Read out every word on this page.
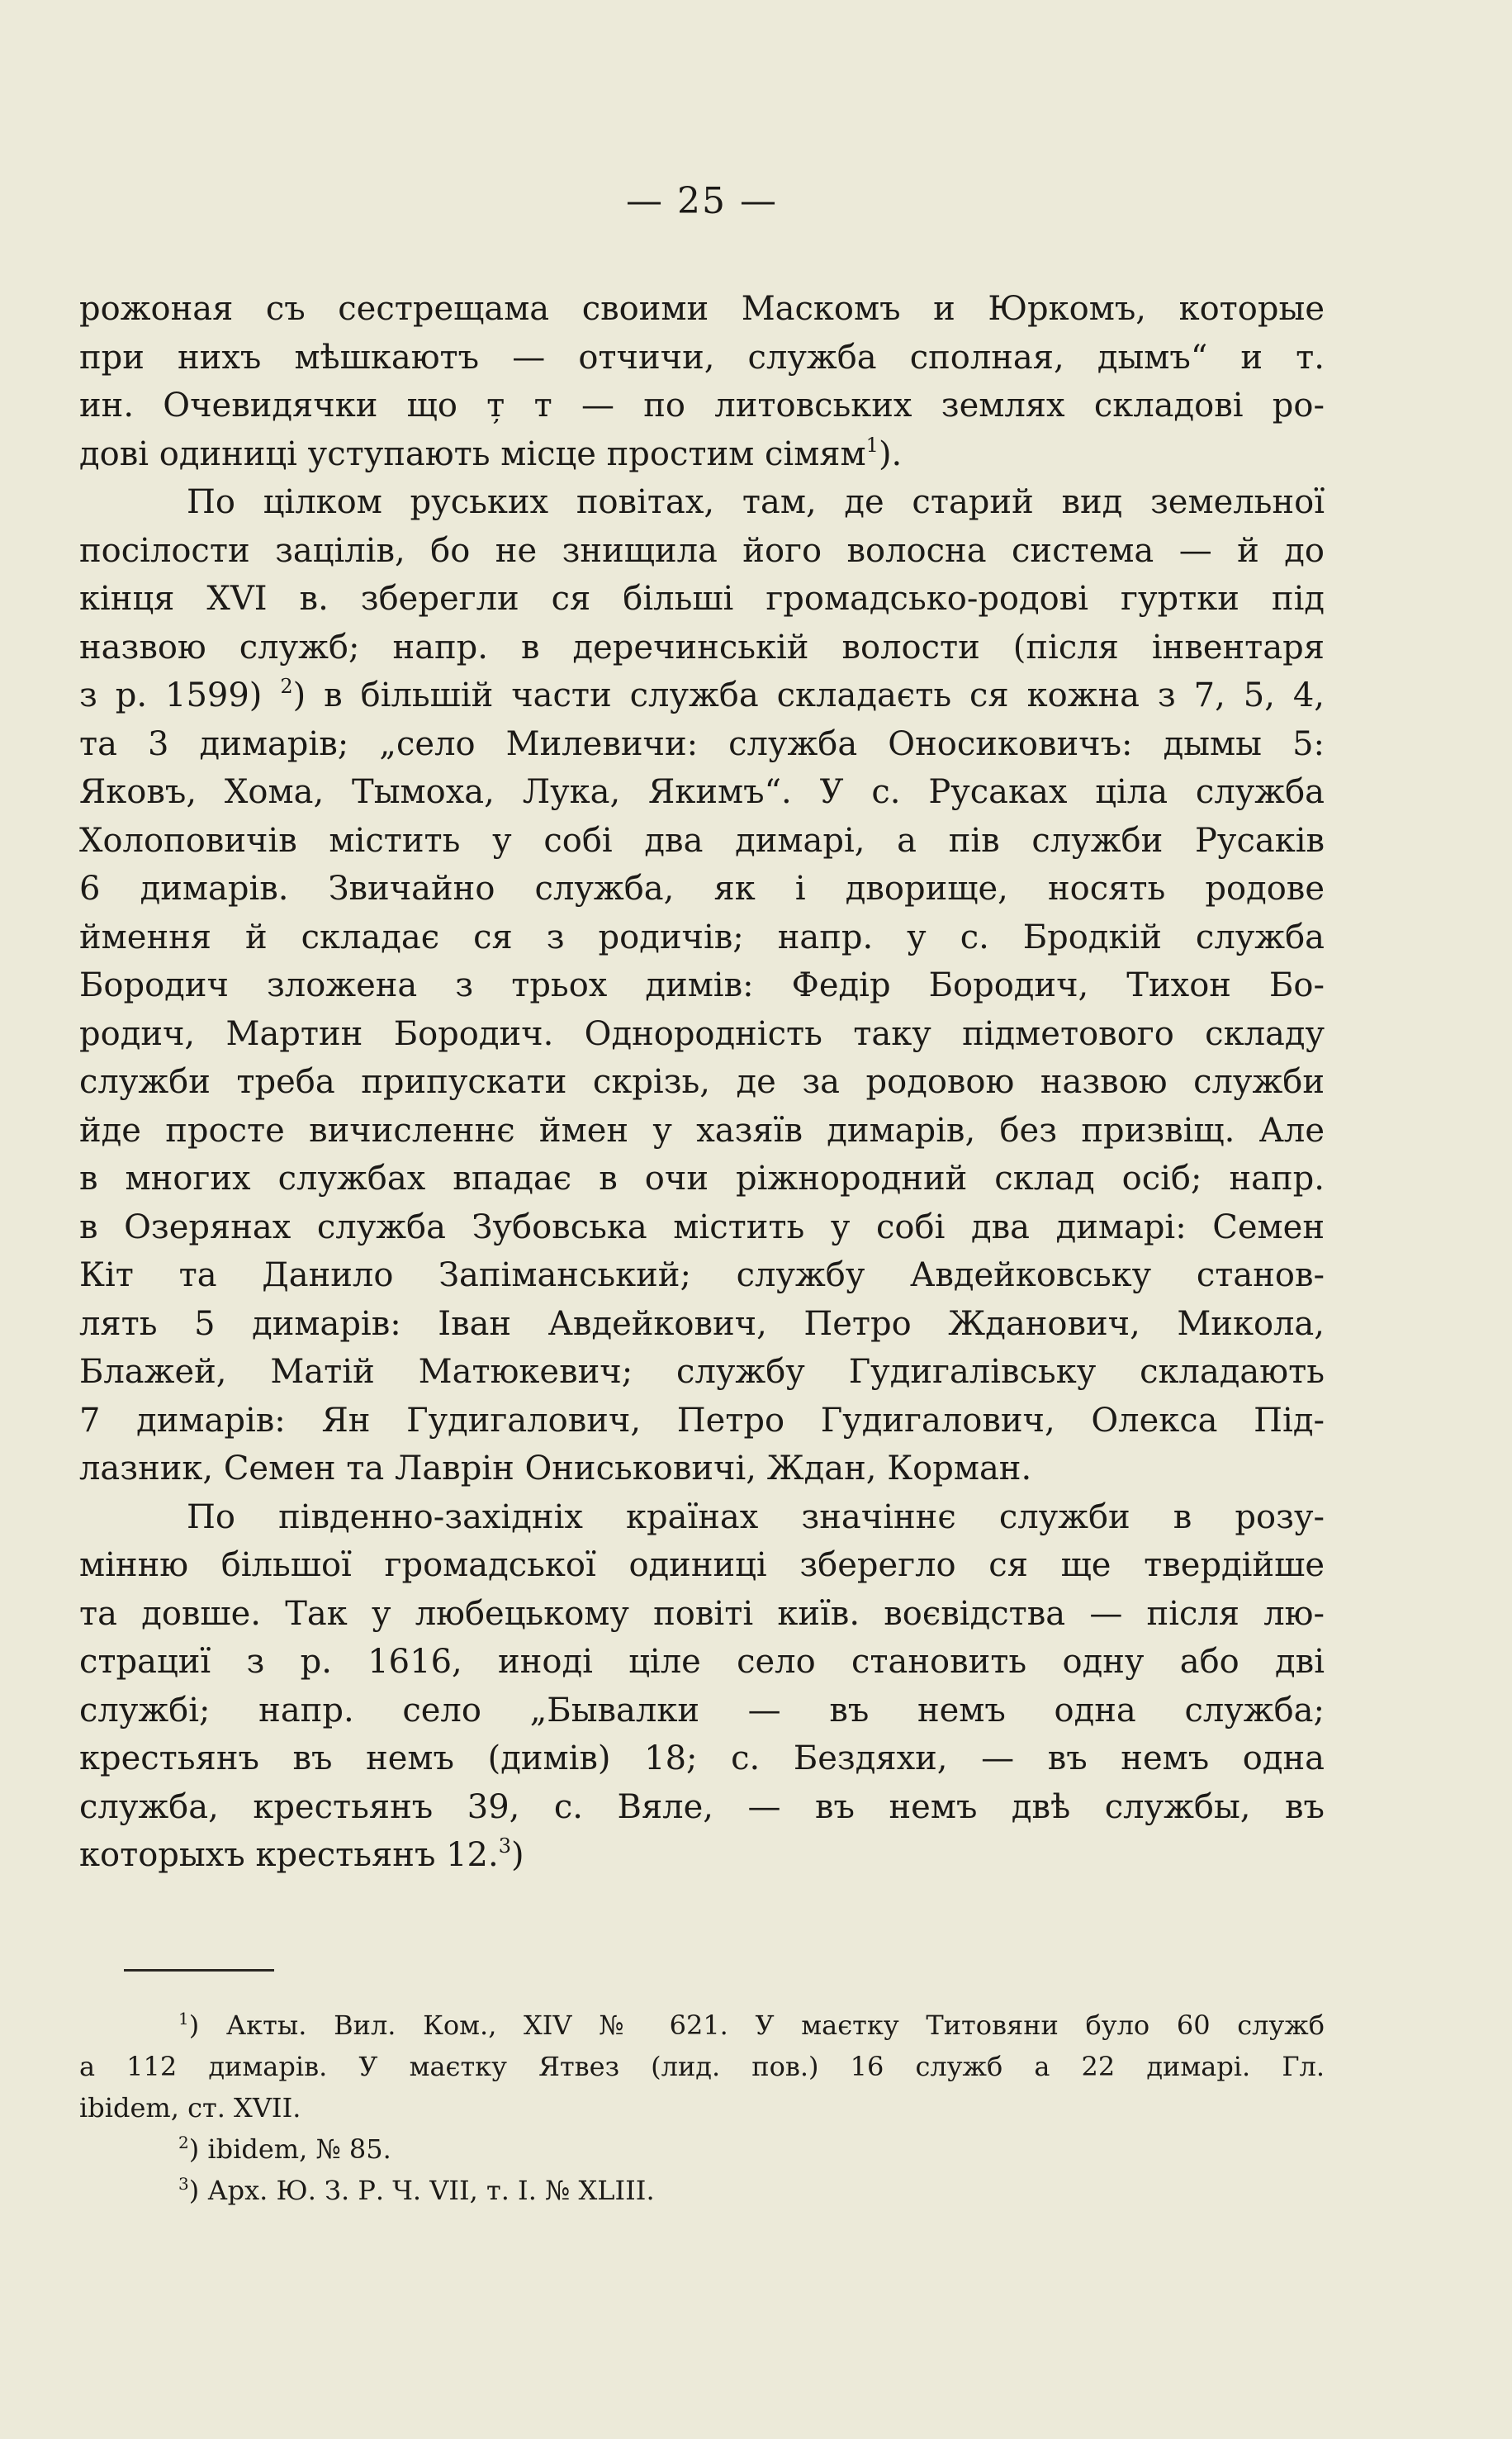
— 25 —
рожоная съ сестрещама своими Маскомъ и Юркомъ, которые
при нихъ мѣшкаютъ — отчичи, служба сполная, дымъ“ и т.
ин. Очевидячки що т̦ т — по литовських землях складові ро-
дові одиниці уступають місце простим сімям$^1$).
По цілком руських повітах, там, де старий вид земельної
посілости зацілів, бо не знищила його волосна система — й до
кінця XVI в. зберегли ся більші громадсько-родові гуртки під
назвою служб; напр. в деречинській волости (після інвентаря
з р. 1599) $^2$) в більшій части служба складаєть ся кожна з 7, 5, 4,
та 3 димарів; „село Милевичи: служба Оносиковичъ: дымы 5:
Яковъ, Хома, Тымоха, Лука, Якимъ“. У с. Русаках ціла служба
Холоповичів містить у собі два димарі, а пів служби Русаків
6 димарів. Звичайно служба, як і дворище, носять родове
ймення й складає ся з родичів; напр. у с. Бродкій служба
Бородич зложена з трьох димів: Федір Бородич, Тихон Бо-
родич, Мартин Бородич. Однородність таку підметового складу
служби треба припускати скрізь, де за родовою назвою служби
йде просте вичисленнє ймен у хазяїв димарів, без призвіщ. Але
в многих службах впадає в очи ріжнородний склад осіб; напр.
в Озерянах служба Зубовська містить у собі два димарі: Семен
Кіт та Данило Запіманський; службу Авдейковську станов-
лять 5 димарів: Іван Авдейкович, Петро Жданович, Микола,
Блажей, Матій Матюкевич; службу Гудигалівську складають
7 димарів: Ян Гудигалович, Петро Гудигалович, Олекса Під-
лазник, Семен та Лаврін Ониськовичі, Ждан, Корман.
По південно-західніх країнах значіннє служби в розу-
мінню більшої громадської одиниці зберегло ся ще твердійше
та довше. Так у любецькому повіті київ. воєвідства — після лю-
страциї з р. 1616, иноді ціле село становить одну або дві
службі; напр. село „Бывалки — въ немъ одна служба;
крестьянъ въ немъ (димів) 18; с. Бездяхи, — въ немъ одна
служба, крестьянъ 39, с. Вяле, — въ немъ двѣ службы, въ
которыхъ крестьянъ 12.$^3$)
$^1$) Акты. Вил. Ком., XIV № 621. У маєтку Титовяни було 60 служб
а 112 димарів. У маєтку Ятвез (лид. пов.) 16 служб а 22 димарі. Гл.
ibidem, ст. XVII.
$^2$) ibidem, № 85.
$^3$) Арх. Ю. З. Р. Ч. VII, т. I. № XLIII.
